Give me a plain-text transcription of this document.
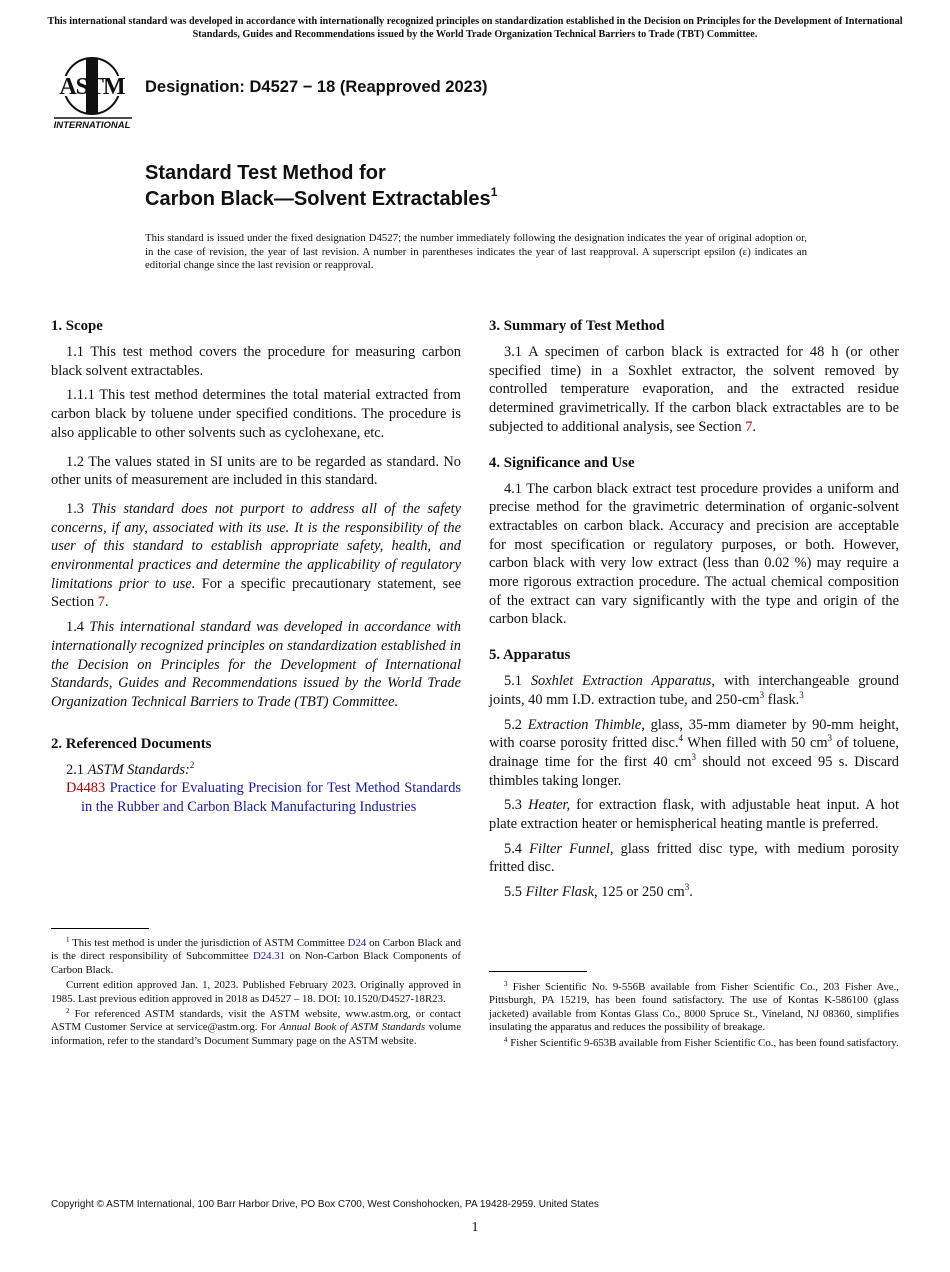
This international standard was developed in accordance with internationally recognized principles on standardization established in the Decision on Principles for the Development of International Standards, Guides and Recommendations issued by the World Trade Organization Technical Barriers to Trade (TBT) Committee.
ASTM
INTERNATIONAL
Designation: D4527 − 18 (Reapproved 2023)
Standard Test Method for
Carbon Black—Solvent Extractables$^1$
This standard is issued under the fixed designation D4527; the number immediately following the designation indicates the year of original adoption or, in the case of revision, the year of last revision. A number in parentheses indicates the year of last reapproval. A superscript epsilon (ε) indicates an editorial change since the last revision or reapproval.
1. Scope

1.1 This test method covers the procedure for measuring carbon black solvent extractables.

1.1.1 This test method determines the total material extracted from carbon black by toluene under specified conditions. The procedure is also applicable to other solvents such as cyclohexane, etc.

1.2 The values stated in SI units are to be regarded as standard. No other units of measurement are included in this standard.

1.3 This standard does not purport to address all of the safety concerns, if any, associated with its use. It is the responsibility of the user of this standard to establish appropriate safety, health, and environmental practices and determine the applicability of regulatory limitations prior to use. For a specific precautionary statement, see Section 7.

1.4 This international standard was developed in accordance with internationally recognized principles on standardization established in the Decision on Principles for the Development of International Standards, Guides and Recommendations issued by the World Trade Organization Technical Barriers to Trade (TBT) Committee.

2. Referenced Documents

2.1 ASTM Standards:$^2$

D4483 Practice for Evaluating Precision for Test Method Standards in the Rubber and Carbon Black Manufacturing Industries

3. Summary of Test Method

3.1 A specimen of carbon black is extracted for 48 h (or other specified time) in a Soxhlet extractor, the solvent removed by controlled temperature evaporation, and the extracted residue determined gravimetrically. If the carbon black extractables are to be subjected to additional analysis, see Section 7.

4. Significance and Use

4.1 The carbon black extract test procedure provides a uniform and precise method for the gravimetric determination of organic-solvent extractables on carbon black. Accuracy and precision are acceptable for most specification or regulatory purposes, or both. However, carbon black with very low extract (less than 0.02 %) may require a more rigorous extraction procedure. The actual chemical composition of the extract can vary significantly with the type and origin of the carbon black.

5. Apparatus

5.1 Soxhlet Extraction Apparatus, with interchangeable ground joints, 40 mm I.D. extraction tube, and $250-cm^3$ flask.$^3$

5.2 Extraction Thimble, glass, 35-mm diameter by 90-mm height, with coarse porosity fritted disc.$^4$ When filled with 50 $cm^3$ of toluene, drainage time for the first 40 $cm^3$ should not exceed 95 s. Discard thimbles taking longer.

5.3 Heater, for extraction flask, with adjustable heat input. A hot plate extraction heater or hemispherical heating mantle is preferred.

5.4 Filter Funnel, glass fritted disc type, with medium porosity fritted disc.

5.5 Filter Flask, 125 or 250 $cm^3$.

$^1$ This test method is under the jurisdiction of ASTM Committee D24 on Carbon Black and is the direct responsibility of Subcommittee D24.31 on Non-Carbon Black Components of Carbon Black.

Current edition approved Jan. 1, 2023. Published February 2023. Originally approved in 1985. Last previous edition approved in 2018 as D4527 – 18. DOI: 10.1520/D4527-18R23.

$^2$ For referenced ASTM standards, visit the ASTM website, www.astm.org, or contact ASTM Customer Service at service@astm.org. For Annual Book of ASTM Standards volume information, refer to the standard’s Document Summary page on the ASTM website.

$^3$ Fisher Scientific No. 9-556B available from Fisher Scientific Co., 203 Fisher Ave., Pittsburgh, PA 15219, has been found satisfactory. The use of Kontas K-586100 (glass jacketed) available from Kontas Glass Co., 8000 Spruce St., Vineland, NJ 08360, simplifies insulating the apparatus and reduces the possibility of breakage.

$^4$ Fisher Scientific 9-653B available from Fisher Scientific Co., has been found satisfactory.

Copyright © ASTM International, 100 Barr Harbor Drive, PO Box C700, West Conshohocken, PA 19428-2959. United States
1
